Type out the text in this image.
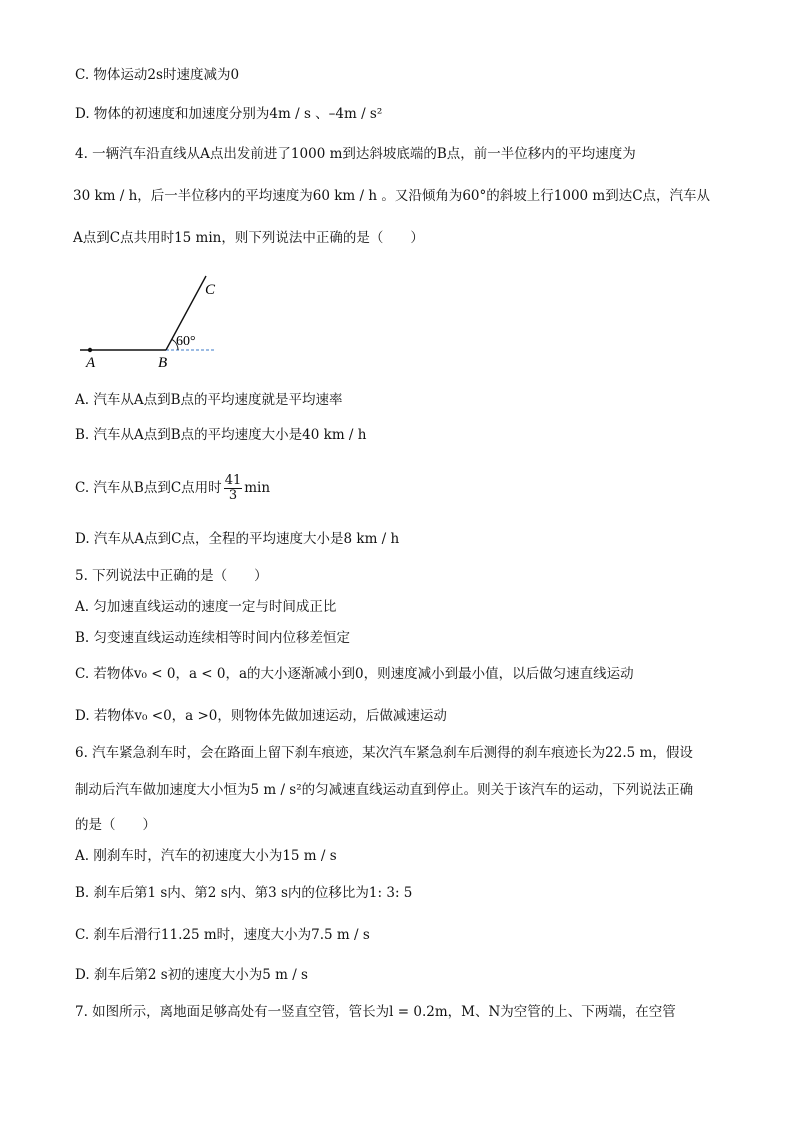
C. 物体运动2s时速度减为0
D. 物体的初速度和加速度分别为4m / s 、–4m / s²
4. 一辆汽车沿直线从A点出发前进了1000 m到达斜坡底端的B点，前一半位移内的平均速度为
30 km / h，后一半位移内的平均速度为60 km / h 。又沿倾角为60°的斜坡上行1000 m到达C点，汽车从
A点到C点共用时15 min，则下列说法中正确的是（　　）
A	B
C
60°
A. 汽车从A点到B点的平均速度就是平均速率
B. 汽车从A点到B点的平均速度大小是40 km / h
C. 汽车从B点到C点用时 $\frac{41}{3}$ min
D. 汽车从A点到C点，全程的平均速度大小是8 km / h
5. 下列说法中正确的是（　　）
A. 匀加速直线运动的速度一定与时间成正比
B. 匀变速直线运动连续相等时间内位移差恒定
C. 若物体v₀ < 0，a < 0，a的大小逐渐减小到0，则速度减小到最小值，以后做匀速直线运动
D. 若物体v₀ <0，a >0，则物体先做加速运动，后做减速运动
6. 汽车紧急刹车时，会在路面上留下刹车痕迹，某次汽车紧急刹车后测得的刹车痕迹长为22.5 m，假设
制动后汽车做加速度大小恒为5 m / s²的匀减速直线运动直到停止。则关于该汽车的运动，下列说法正确
的是（　　）
A. 刚刹车时，汽车的初速度大小为15 m / s
B. 刹车后第1 s内、第2 s内、第3 s内的位移比为1: 3: 5
C. 刹车后滑行11.25 m时，速度大小为7.5 m / s
D. 刹车后第2 s初的速度大小为5 m / s
7. 如图所示，离地面足够高处有一竖直空管，管长为l = 0.2m，M、N为空管的上、下两端，在空管
